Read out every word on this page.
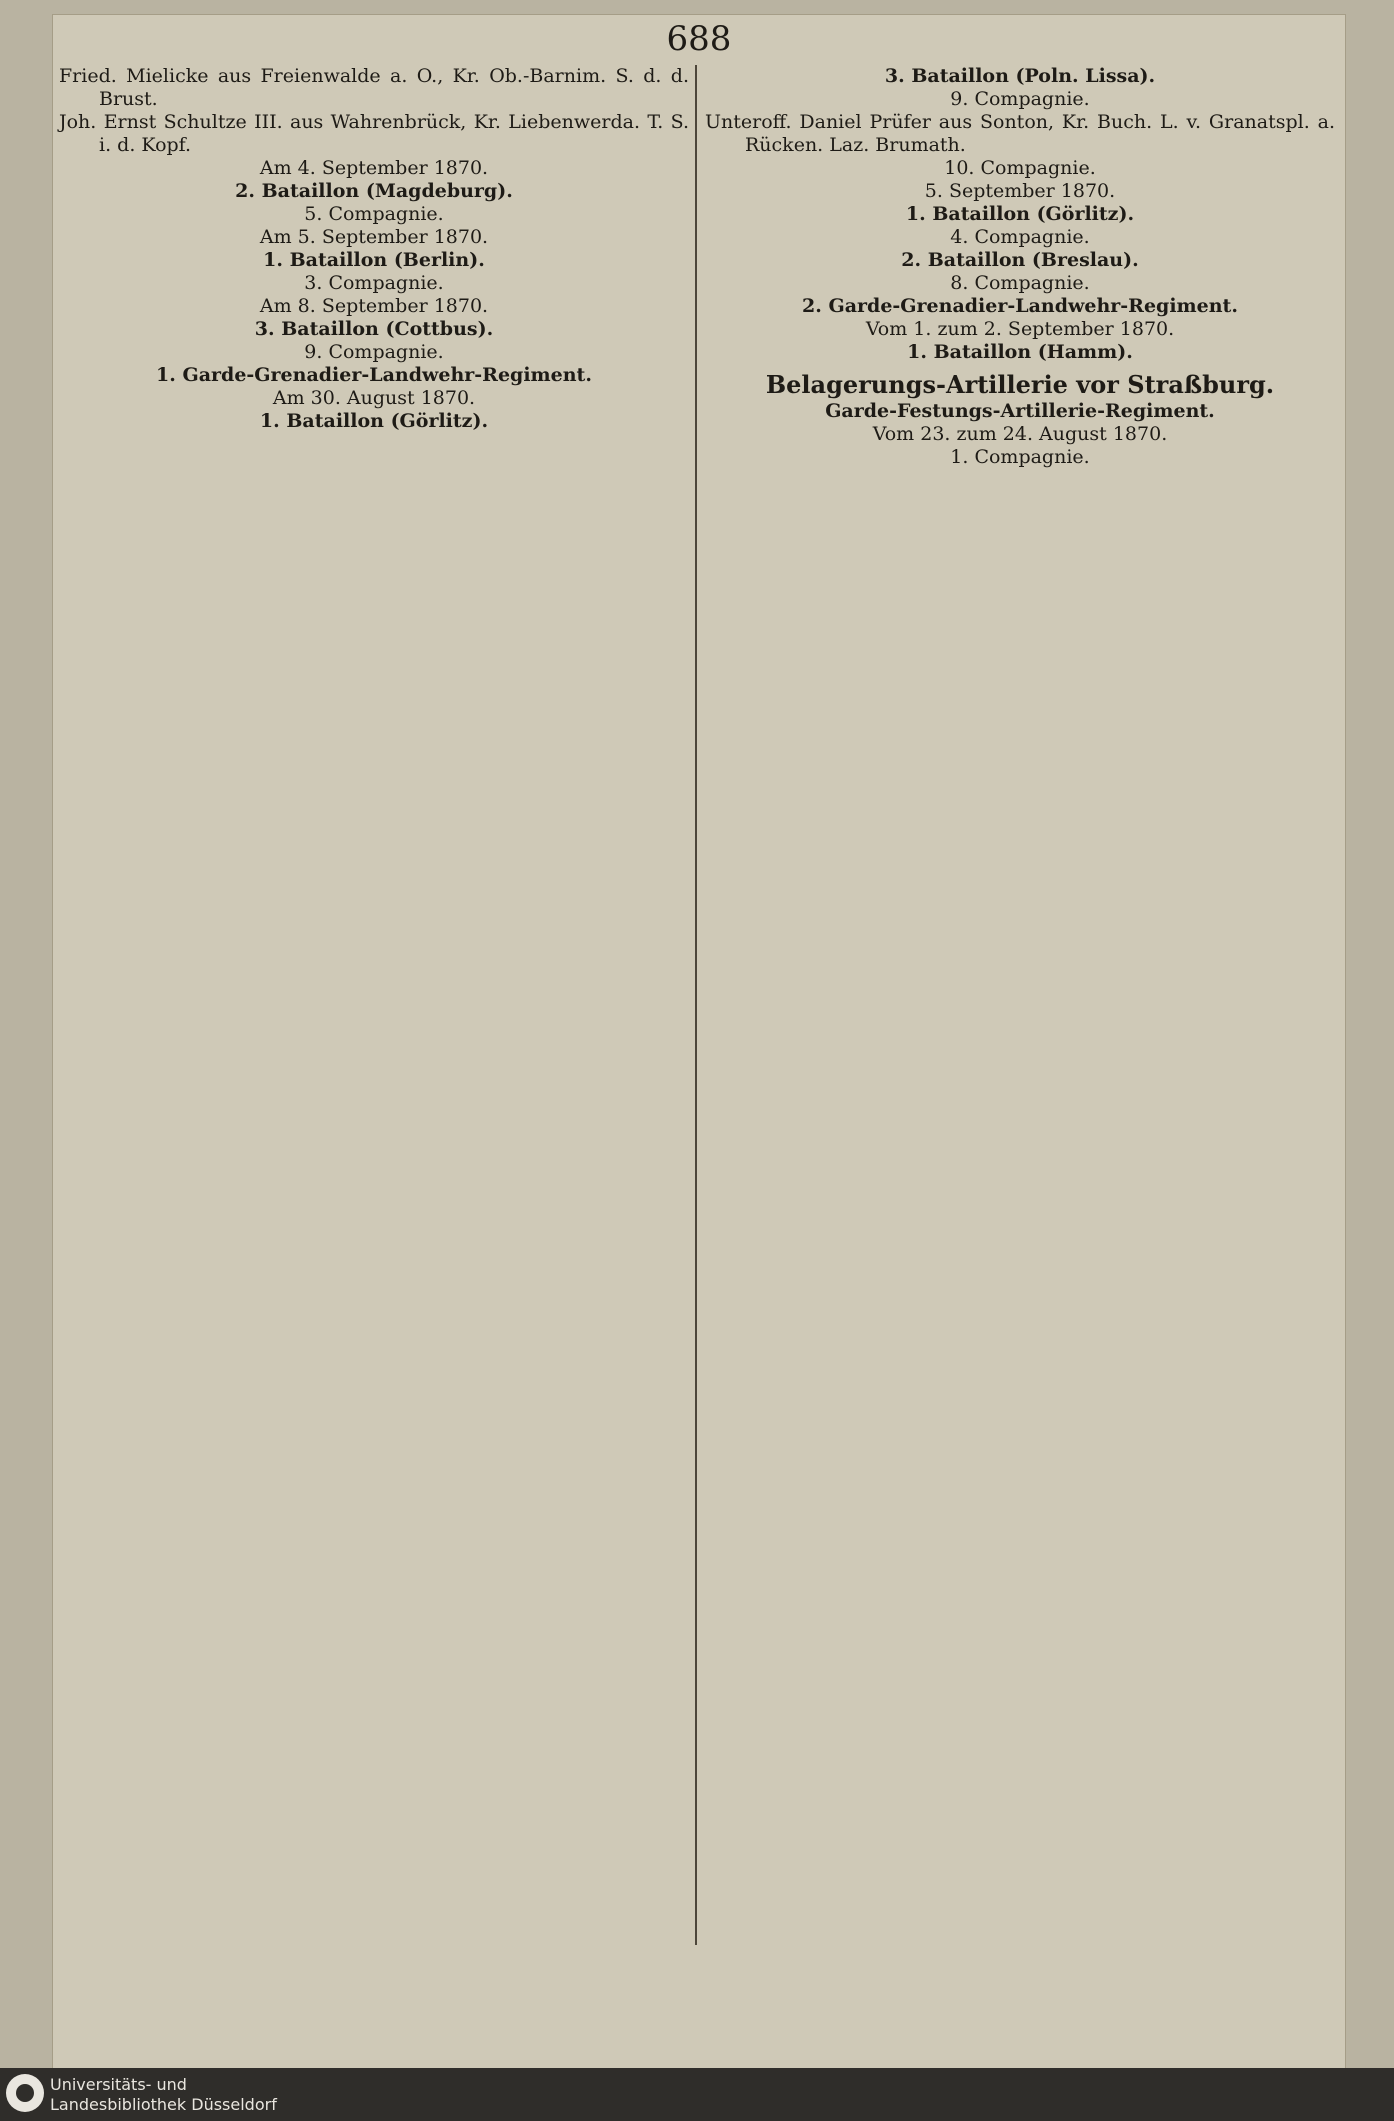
688
Fried. Mielicke aus Freienwalde a. O., Kr. Ob.-Barnim. S. d. d. Brust.
Joh. Ernst Schultze III. aus Wahrenbrück, Kr. Liebenwerda. T. S. i. d. Kopf.
Am 4. September 1870.
2. Bataillon (Magdeburg).
5. Compagnie.
Am 5. September 1870.
1. Bataillon (Berlin).
3. Compagnie.
Am 8. September 1870.
3. Bataillon (Cottbus).
9. Compagnie.
1. Garde-Grenadier-Landwehr-Regiment.
Am 30. August 1870.
1. Bataillon (Görlitz).
3. Bataillon (Poln. Lissa).
9. Compagnie.
Unteroff. Daniel Prüfer aus Sonton, Kr. Buch. L. v. Granatspl. a. Rücken. Laz. Brumath.
10. Compagnie.
5. September 1870.
1. Bataillon (Görlitz).
4. Compagnie.
2. Bataillon (Breslau).
8. Compagnie.
2. Garde-Grenadier-Landwehr-Regiment.
Vom 1. zum 2. September 1870.
1. Bataillon (Hamm).
Belagerungs-Artillerie vor Straßburg.
Garde-Festungs-Artillerie-Regiment.
Vom 23. zum 24. August 1870.
1. Compagnie.
Universitäts- und
Landesbibliothek Düsseldorf
